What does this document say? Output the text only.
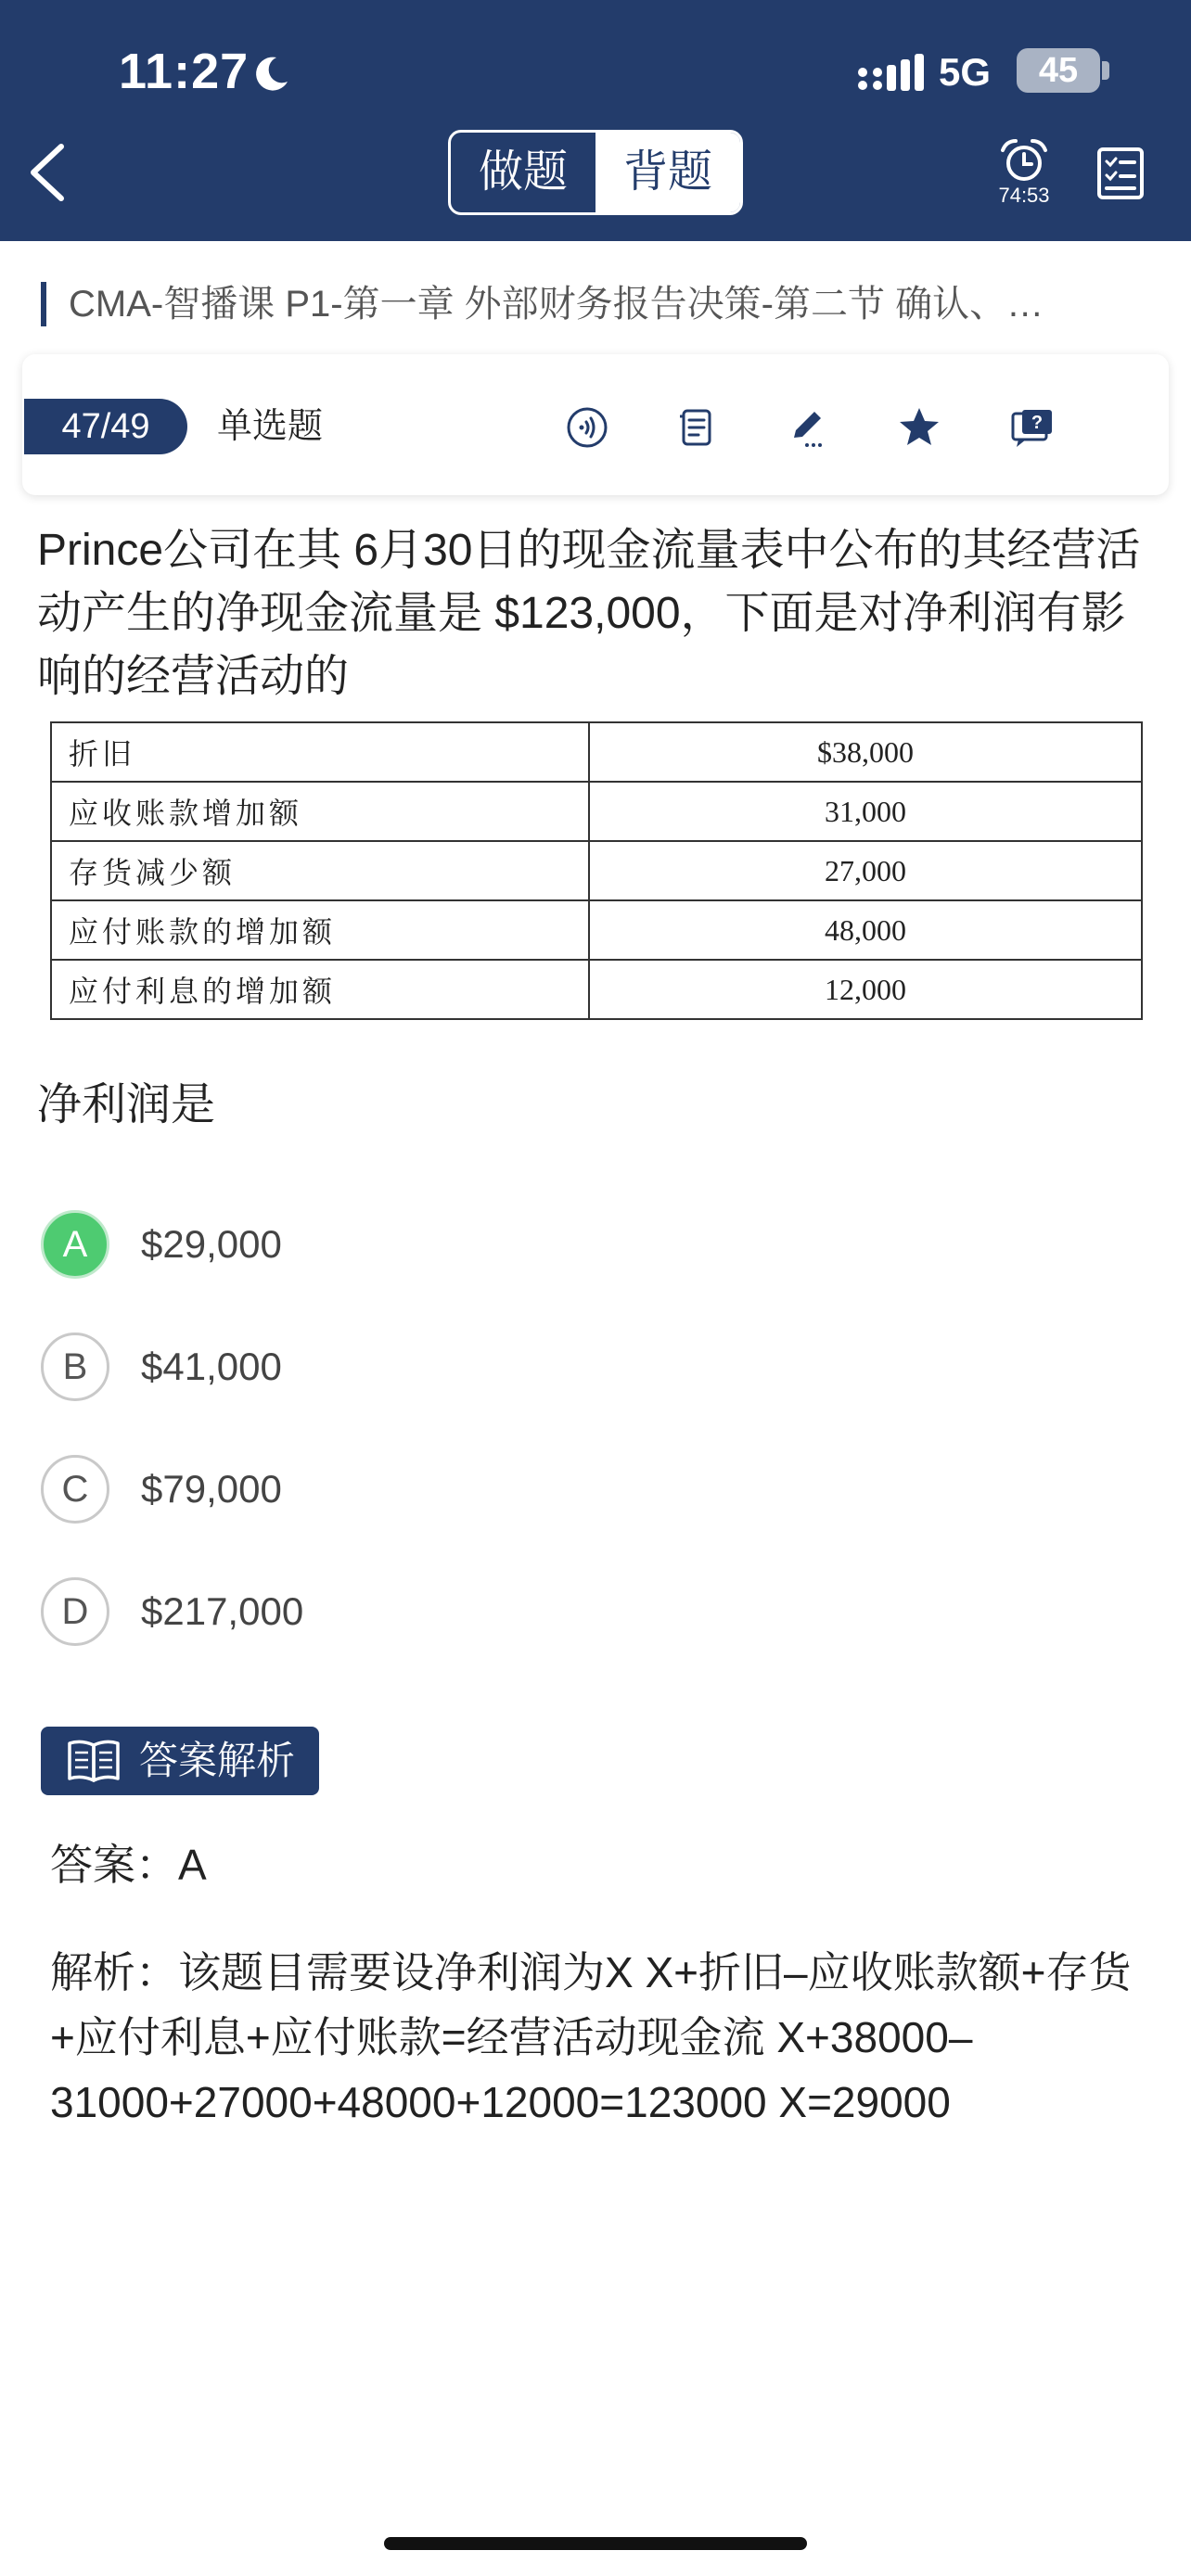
11:27	5G	45
做题	背题	74:53
CMA-智播课 P1-第一章 外部财务报告决策-第二节 确认、…
47/49	单选题	?
Prince公司在其 6月30日的现金流量表中公布的其经营活动产生的净现金流量是 $123,000，下面是对净利润有影响的经营活动的
折旧	$38,000
应收账款增加额	31,000
存货减少额	27,000
应付账款的增加额	48,000
应付利息的增加额	12,000
净利润是
A	$29,000
B	$41,000
C	$79,000
D	$217,000
答案解析
答案：A
解析：该题目需要设净利润为X X+折旧–应收账款额+存货+应付利息+应付账款=经营活动现金流 X+38000–31000+27000+48000+12000=123000 X=29000
